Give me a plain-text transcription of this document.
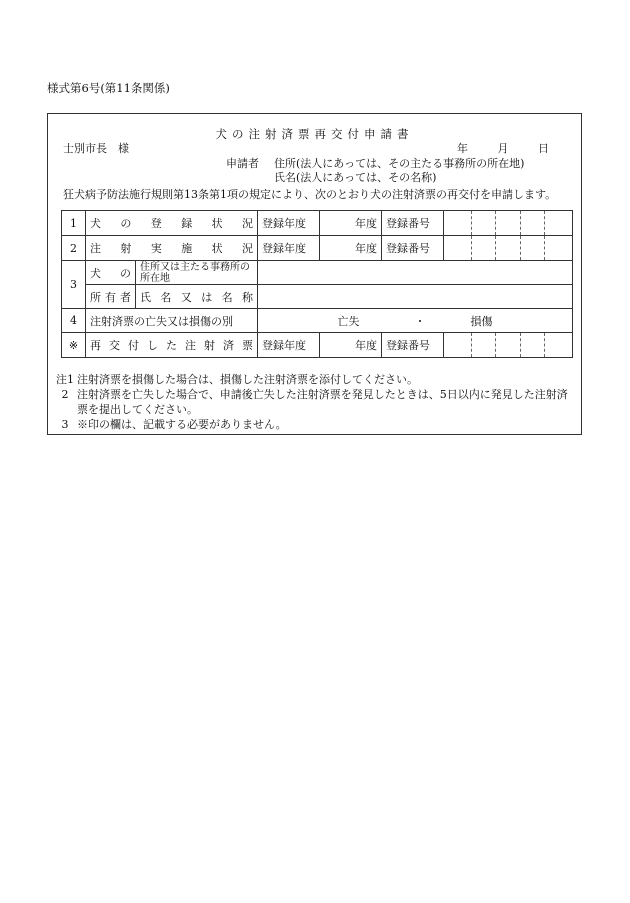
様式第6号(第11条関係)
犬の注射済票再交付申請書
士別市長　様	年	月	日
申請者	住所(法人にあっては、その主たる事務所の所在地)
氏名(法人にあっては、その名称)
狂犬病予防法施行規則第13条第1項の規定により、次のとおり犬の注射済票の再交付を申請します。
1	犬の登録状況		登録年度	年度	登録番号	

2	注射実施状況		登録年度	年度	登録番号	

3	犬の	住所又は主たる事務所の所在地				
	所有者	氏名又は名称				
4	注射済票の亡失又は損傷の別		亡失 ・ 損傷			
※	再交付した注射済票		登録年度	年度	登録番号	
注1 注射済票を損傷した場合は、損傷した注射済票を添付してください。
2 注射済票を亡失した場合で、申請後亡失した注射済票を発見したときは、5日以内に発見した注射済票を提出してください。
3 ※印の欄は、記載する必要がありません。
